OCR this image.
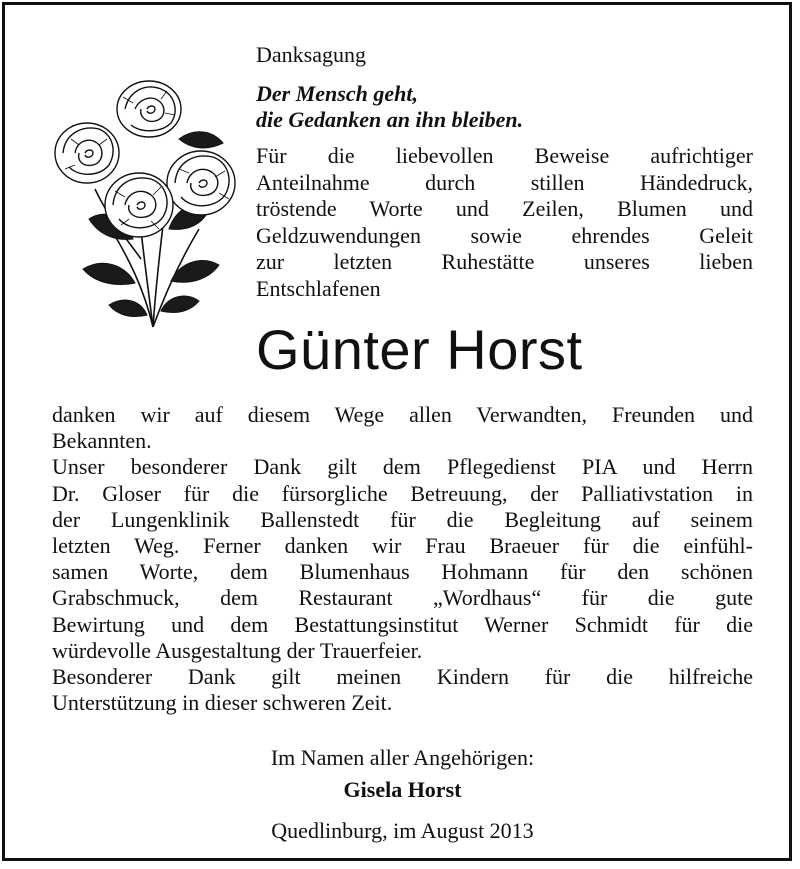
Danksagung
Der Mensch geht,
die Gedanken an ihn bleiben.
Für die liebevollen Beweise aufrichtiger
Anteilnahme durch stillen Händedruck,
tröstende Worte und Zeilen, Blumen und
Geldzuwendungen sowie ehrendes Geleit
zur letzten Ruhestätte unseres lieben
Entschlafenen
Günter Horst
danken wir auf diesem Wege allen Verwandten, Freunden und
Bekannten.
Unser besonderer Dank gilt dem Pflegedienst PIA und Herrn
Dr. Gloser für die fürsorgliche Betreuung, der Palliativstation in
der Lungenklinik Ballenstedt für die Begleitung auf seinem
letzten Weg. Ferner danken wir Frau Braeuer für die einfühl-
samen Worte, dem Blumenhaus Hohmann für den schönen
Grabschmuck, dem Restaurant „Wordhaus“ für die gute
Bewirtung und dem Bestattungsinstitut Werner Schmidt für die
würdevolle Ausgestaltung der Trauerfeier.
Besonderer Dank gilt meinen Kindern für die hilfreiche
Unterstützung in dieser schweren Zeit.
Im Namen aller Angehörigen:
Gisela Horst
Quedlinburg, im August 2013
